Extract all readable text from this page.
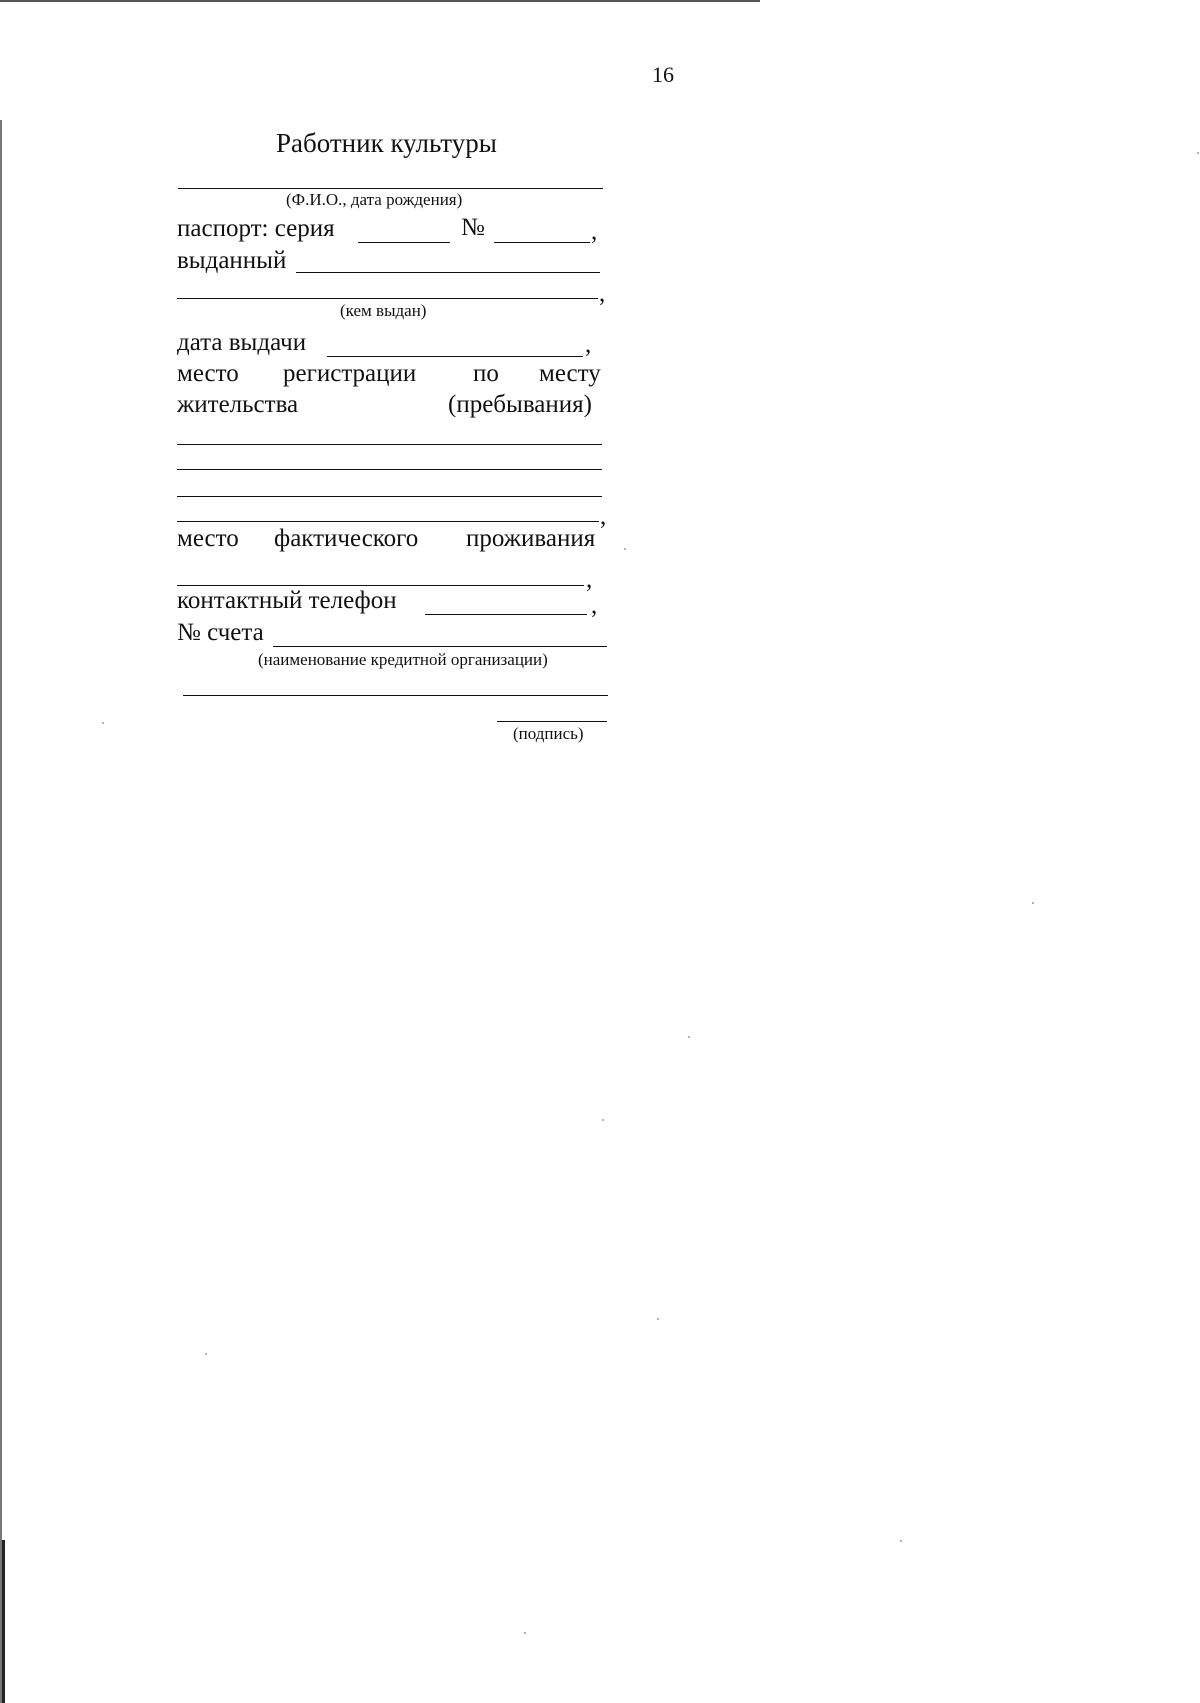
16
Работник культуры
(Ф.И.О., дата рождения)
паспорт: серия	№	,
выданный
,
(кем выдан)
дата выдачи	,
место регистрации по месту
жительства	(пребывания)
,
место фактического проживания
,
контактный телефон	,
№ счета
(наименование кредитной организации)
(подпись)
